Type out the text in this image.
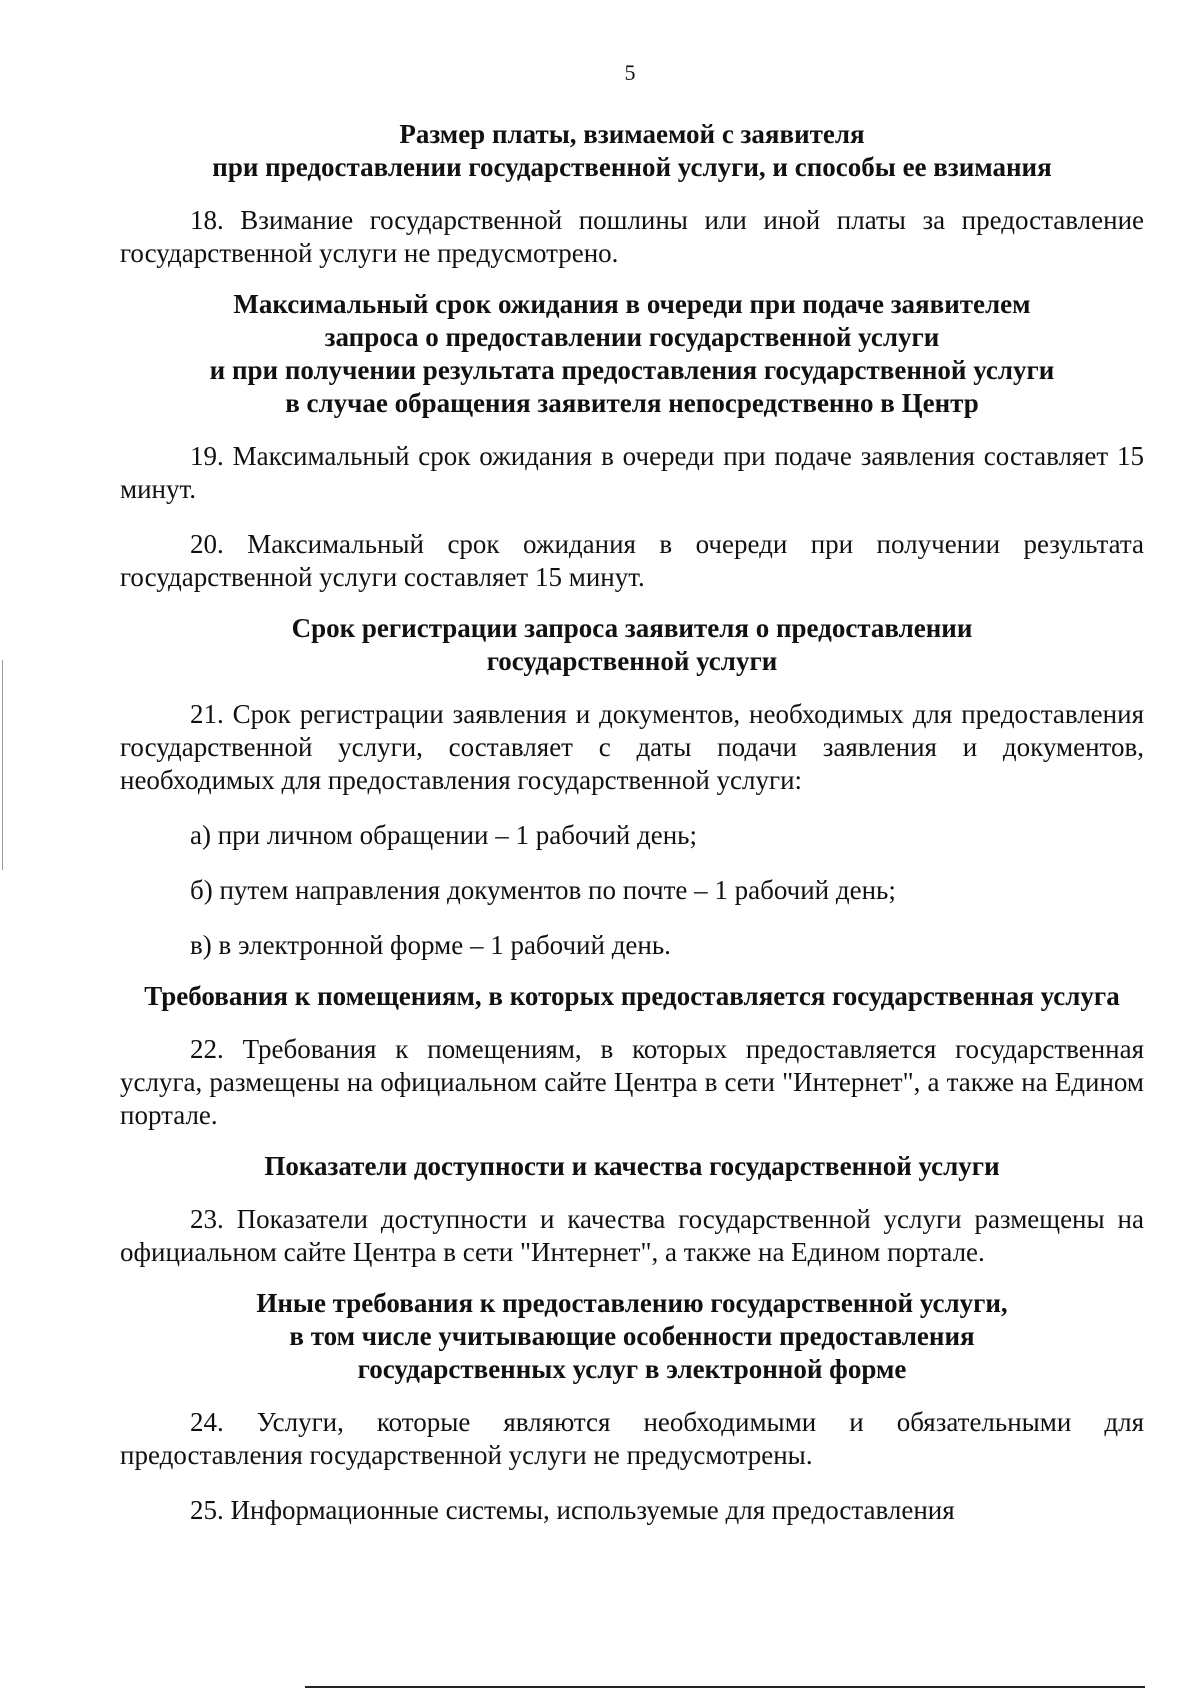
5
Размер платы, взимаемой с заявителя
при предоставлении государственной услуги, и способы ее взимания

18. Взимание государственной пошлины или иной платы за предоставление государственной услуги не предусмотрено.

Максимальный срок ожидания в очереди при подаче заявителем
запроса о предоставлении государственной услуги
и при получении результата предоставления государственной услуги
в случае обращения заявителя непосредственно в Центр

19. Максимальный срок ожидания в очереди при подаче заявления составляет 15 минут.

20. Максимальный срок ожидания в очереди при получении результата государственной услуги составляет 15 минут.

Срок регистрации запроса заявителя о предоставлении
государственной услуги

21. Срок регистрации заявления и документов, необходимых для предоставления государственной услуги, составляет с даты подачи заявления и документов, необходимых для предоставления государственной услуги:

а) при личном обращении – 1 рабочий день;

б) путем направления документов по почте – 1 рабочий день;

в) в электронной форме – 1 рабочий день.

Требования к помещениям, в которых предоставляется государственная услуга

22. Требования к помещениям, в которых предоставляется государственная услуга, размещены на официальном сайте Центра в сети "Интернет", а также на Едином портале.

Показатели доступности и качества государственной услуги

23. Показатели доступности и качества государственной услуги размещены на официальном сайте Центра в сети "Интернет", а также на Едином портале.

Иные требования к предоставлению государственной услуги,
в том числе учитывающие особенности предоставления
государственных услуг в электронной форме

24. Услуги, которые являются необходимыми и обязательными для предоставления государственной услуги не предусмотрены.

25. Информационные системы, используемые для предоставления
